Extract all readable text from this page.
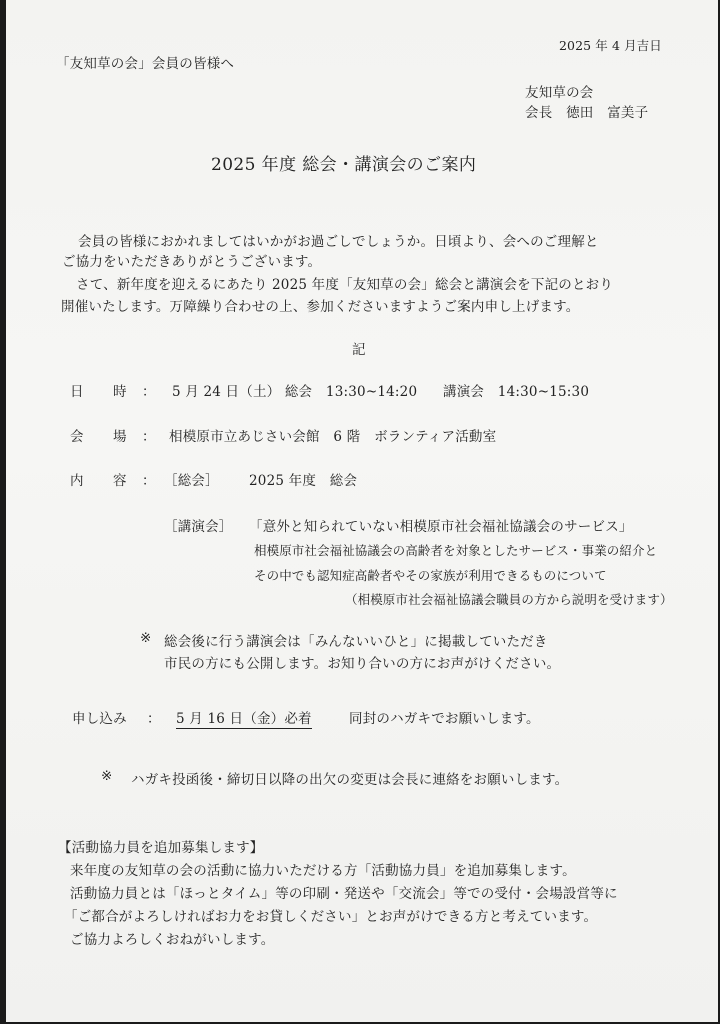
2025 年 4 月吉日
「友知草の会」会員の皆様へ
友知草の会
会長　徳田　富美子
2025 年度 総会・講演会のご案内
会員の皆様におかれましてはいかがお過ごしでしょうか。日頃より、会へのご理解と
ご協力をいただきありがとうございます。
さて、新年度を迎えるにあたり 2025 年度「友知草の会」総会と講演会を下記のとおり
開催いたします。万障繰り合わせの上、参加くださいますようご案内申し上げます。
記
日　時 ： 5 月 24 日（土） 総会　13:30~14:20 講演会　14:30~15:30
会　場 ： 相模原市立あじさい会館　6 階　ボランティア活動室
内　容 ： ［総会］ 2025 年度　総会
［講演会］ 「意外と知られていない相模原市社会福祉協議会のサービス」
相模原市社会福祉協議会の高齢者を対象としたサービス・事業の紹介と
その中でも認知症高齢者やその家族が利用できるものについて
（相模原市社会福祉協議会職員の方から説明を受けます）
※ 総会後に行う講演会は「みんないいひと」に掲載していただき
市民の方にも公開します。お知り合いの方にお声がけください。
申し込み ： 5 月 16 日（金）必着	同封のハガキでお願いします。
※ ハガキ投函後・締切日以降の出欠の変更は会長に連絡をお願いします。
【活動協力員を追加募集します】
来年度の友知草の会の活動に協力いただける方「活動協力員」を追加募集します。
活動協力員とは「ほっとタイム」等の印刷・発送や「交流会」等での受付・会場設営等に
「ご都合がよろしければお力をお貸しください」とお声がけできる方と考えています。
ご協力よろしくおねがいします。
